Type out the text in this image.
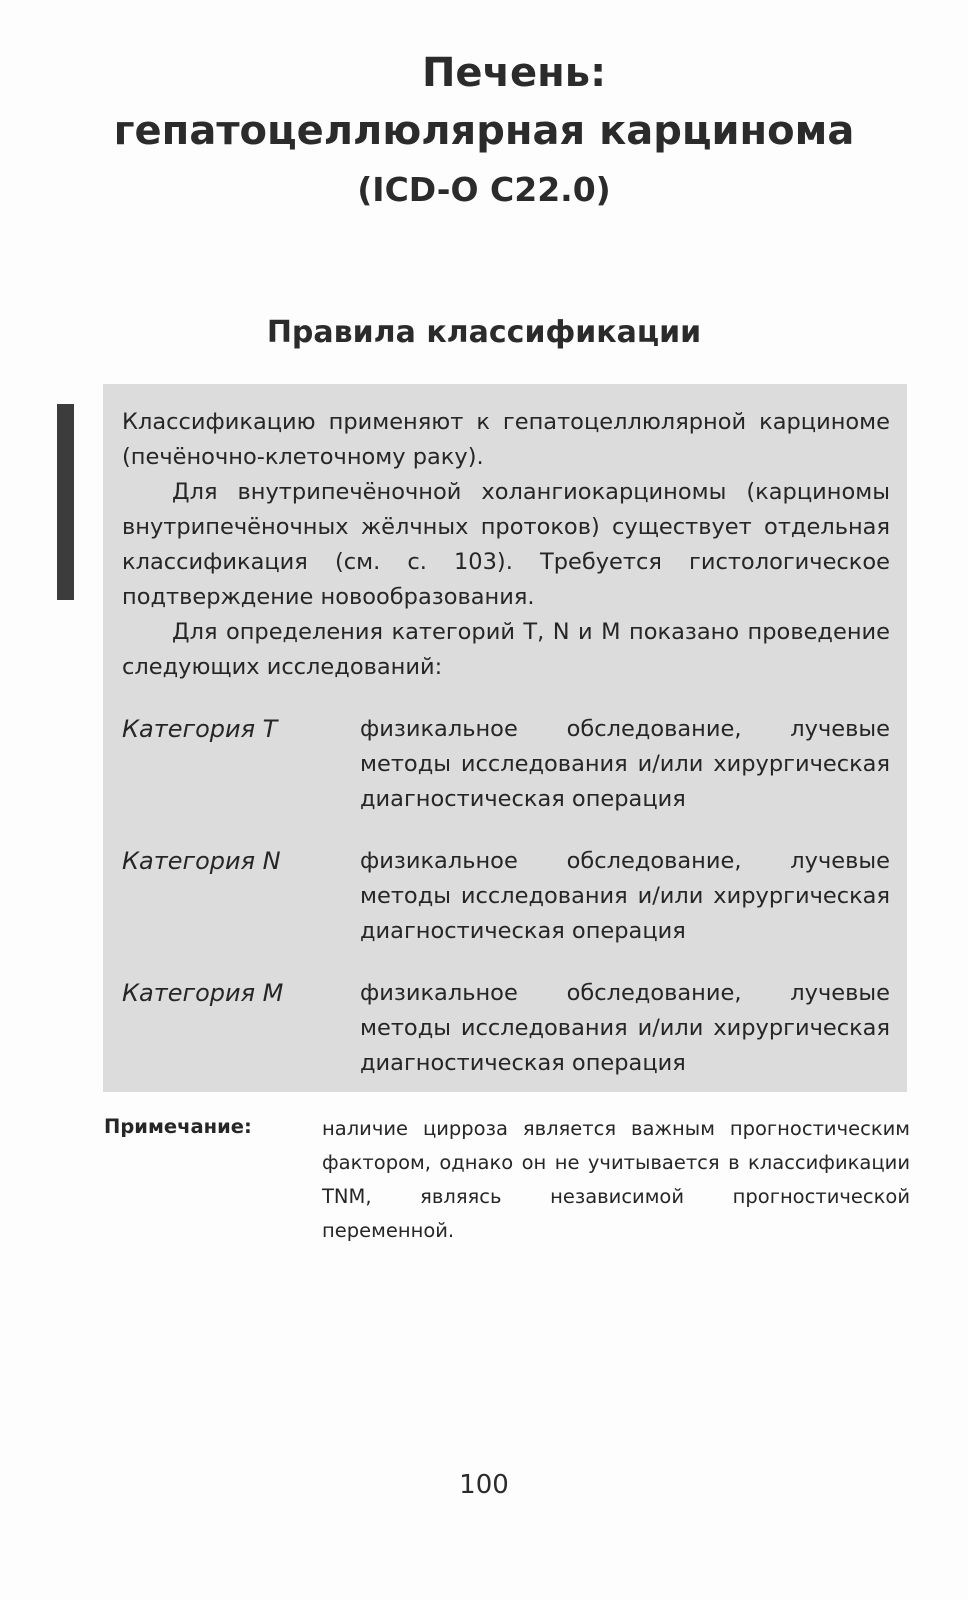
Печень:
гепатоцеллюлярная карцинома
(ICD-O C22.0)
Правила классификации
Классификацию применяют к гепатоцеллюлярной карциноме (печёночно-клеточному раку).
Для внутрипечёночной холангиокарциномы (карциномы внутрипечёночных жёлчных протоков) существует отдельная классификация (см. с. 103). Требуется гистологическое подтверждение новообразования.
Для определения категорий T, N и M показано проведение следующих исследований:
Категория T	физикальное обследование, лучевые методы исследования и/или хирургическая диагностическая операция
Категория N	физикальное обследование, лучевые методы исследования и/или хирургическая диагностическая операция
Категория M	физикальное обследование, лучевые методы исследования и/или хирургическая диагностическая операция
Примечание:	наличие цирроза является важным прогностическим фактором, однако он не учитывается в классификации TNM, являясь независимой прогностической переменной.
100
